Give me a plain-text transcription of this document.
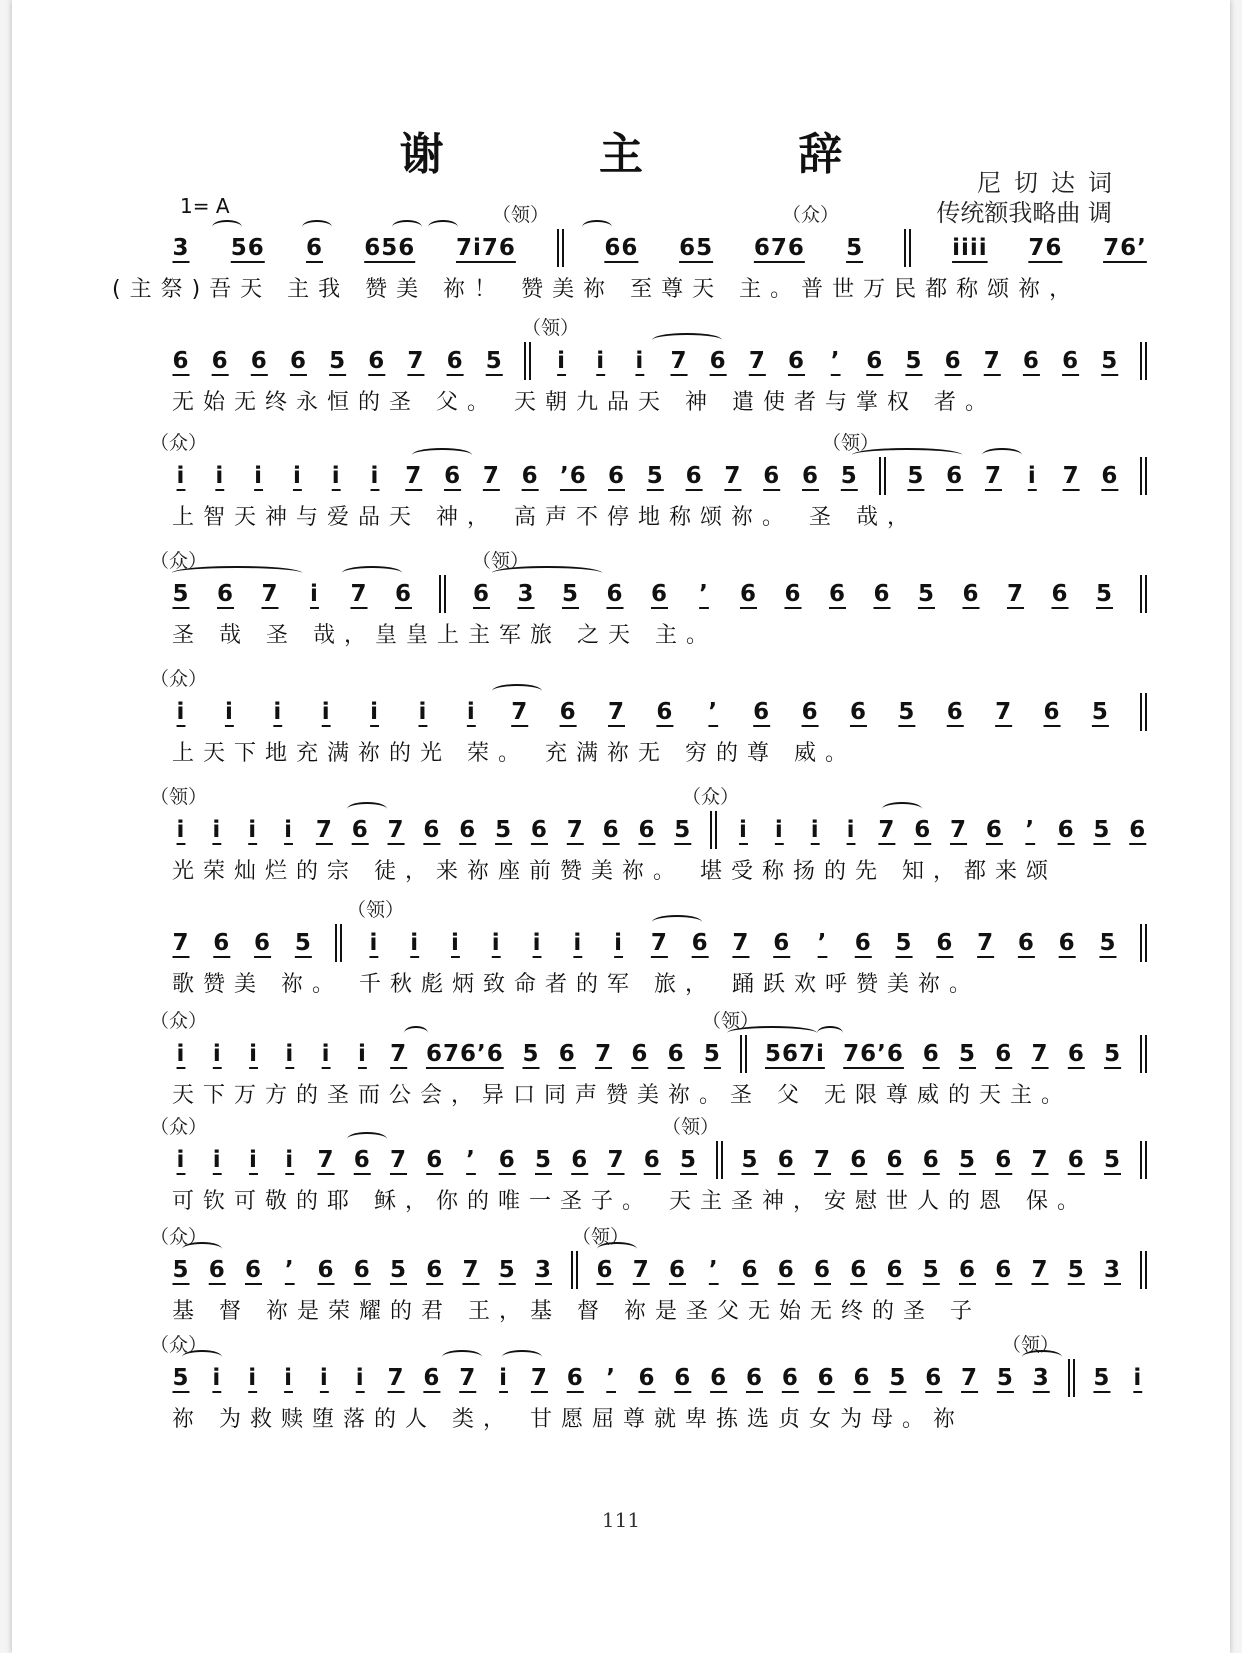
谢 主 辞
尼切达词
传统额我略曲 调
1= A	（领）	（众）
3 56 6 656 7i76	66 65 676 5	iiii 76 76’
(主祭)吾天 主我 赞美 祢！ 赞美祢 至尊天 主。普世万民都称颂祢，
（领）
6 6 6 6 5 6 7 6 5 i i i 7 6 7 6 ’ 6 5 6 7 6 6 5
无始无终永恒的圣 父。 天朝九品天 神 遣使者与掌权 者。
（众）	（领）
i i i i i i 7 6 7 6 ’6 6 5 6 7 6 6 5 5 6 7 i 7 6
上智天神与爱品天 神， 高声不停地称颂祢。 圣 哉，
（众）	（领）
5 6 7 i 7 6	6 3 5 6 6 ’ 6 6 6 6 5 6 7 6 5
圣 哉 圣 哉，皇皇上主军旅 之天 主。
（众）
i i i i i i i 7 6 7 6 ’ 6 6 6 5 6 7 6 5
上天下地充满祢的光 荣。 充满祢无 穷的尊 威。
（领）	（众）
i i i i 7 6 7 6 6 5 6 7 6 6 5 i i i i 7 6 7 6 ’ 6 5 6
光荣灿烂的宗 徒，来祢座前赞美祢。 堪受称扬的先 知，都来颂
（领）
7 6 6 5	i i i i i i i 7 6 7 6 ’ 6 5 6 7 6 6 5
歌赞美 祢。 千秋彪炳致命者的军 旅， 踊跃欢呼赞美祢。
（众）	（领）
i i i i i i 7 676’6 5 6 7 6 6 5 567i 76’6 6 5 6 7 6 5
天下万方的圣而公会，异口同声赞美祢。圣 父 无限尊威的天主。
（众）	（领）
i i i i 7 6 7 6 ’ 6 5 6 7 6 5 5 6 7 6 6 6 5 6 7 6 5
可钦可敬的耶 稣，你的唯一圣子。 天主圣神，安慰世人的恩 保。
（众）	（领）
5 6 6 ’ 6 6 5 6 7 5 3 6 7 6 ’ 6 6 6 6 6 5 6 6 7 5 3
基 督 祢是荣耀的君 王，基 督 祢是圣父无始无终的圣 子
（众）	（领）
5 i i i i i 7 6 7 i 7 6 ’ 6 6 6 6 6 6 6 5 6 7 5 3 5 i
祢 为救赎堕落的人 类， 甘愿屈尊就卑拣选贞女为母。祢
111
